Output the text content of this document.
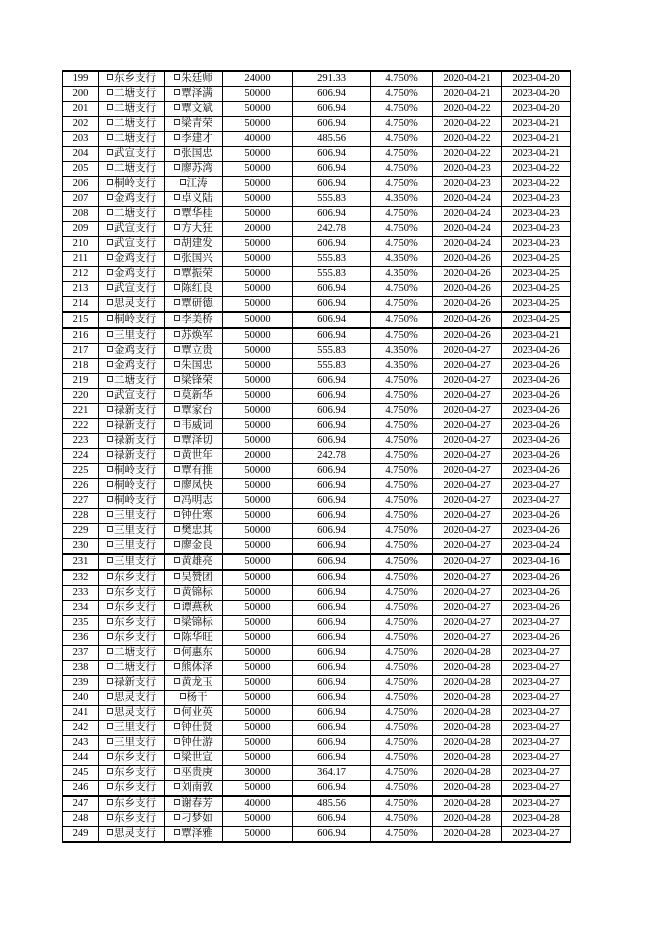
199	东乡支行	朱廷师	24000	291.33	4.750%	2020-04-21	2023-04-20
200	二塘支行	覃泽满	50000	606.94	4.750%	2020-04-21	2023-04-20
201	二塘支行	覃文斌	50000	606.94	4.750%	2020-04-22	2023-04-20
202	二塘支行	梁青荣	50000	606.94	4.750%	2020-04-22	2023-04-21
203	二塘支行	李建才	40000	485.56	4.750%	2020-04-22	2023-04-21
204	武宣支行	张国忠	50000	606.94	4.750%	2020-04-22	2023-04-21
205	二塘支行	廖苏湾	50000	606.94	4.750%	2020-04-23	2023-04-22
206	桐岭支行	江涛	50000	606.94	4.750%	2020-04-23	2023-04-22
207	金鸡支行	卓义陆	50000	555.83	4.350%	2020-04-24	2023-04-23
208	二塘支行	覃华桂	50000	606.94	4.750%	2020-04-24	2023-04-23
209	武宣支行	方大狂	20000	242.78	4.750%	2020-04-24	2023-04-23
210	武宣支行	胡建发	50000	606.94	4.750%	2020-04-24	2023-04-23
211	金鸡支行	张国兴	50000	555.83	4.350%	2020-04-26	2023-04-25
212	金鸡支行	覃振荣	50000	555.83	4.350%	2020-04-26	2023-04-25
213	武宣支行	陈红良	50000	606.94	4.750%	2020-04-26	2023-04-25
214	思灵支行	覃研德	50000	606.94	4.750%	2020-04-26	2023-04-25
215	桐岭支行	李美桥	50000	606.94	4.750%	2020-04-26	2023-04-25
216	三里支行	苏焕军	50000	606.94	4.750%	2020-04-26	2023-04-21
217	金鸡支行	覃立贵	50000	555.83	4.350%	2020-04-27	2023-04-26
218	金鸡支行	朱国忠	50000	555.83	4.350%	2020-04-27	2023-04-26
219	二塘支行	梁锋荣	50000	606.94	4.750%	2020-04-27	2023-04-26
220	武宣支行	莫新华	50000	606.94	4.750%	2020-04-27	2023-04-26
221	禄新支行	覃家台	50000	606.94	4.750%	2020-04-27	2023-04-26
222	禄新支行	韦威词	50000	606.94	4.750%	2020-04-27	2023-04-26
223	禄新支行	覃泽切	50000	606.94	4.750%	2020-04-27	2023-04-26
224	禄新支行	黄世年	20000	242.78	4.750%	2020-04-27	2023-04-26
225	桐岭支行	覃有推	50000	606.94	4.750%	2020-04-27	2023-04-26
226	桐岭支行	廖凤快	50000	606.94	4.750%	2020-04-27	2023-04-27
227	桐岭支行	冯明志	50000	606.94	4.750%	2020-04-27	2023-04-27
228	三里支行	钟仕寒	50000	606.94	4.750%	2020-04-27	2023-04-26
229	三里支行	樊忠其	50000	606.94	4.750%	2020-04-27	2023-04-26
230	三里支行	廖金良	50000	606.94	4.750%	2020-04-27	2023-04-24
231	三里支行	黄雄亮	50000	606.94	4.750%	2020-04-27	2023-04-16
232	东乡支行	吴赞团	50000	606.94	4.750%	2020-04-27	2023-04-26
233	东乡支行	黄锦标	50000	606.94	4.750%	2020-04-27	2023-04-26
234	东乡支行	谭燕秋	50000	606.94	4.750%	2020-04-27	2023-04-26
235	东乡支行	梁锦标	50000	606.94	4.750%	2020-04-27	2023-04-27
236	东乡支行	陈华旺	50000	606.94	4.750%	2020-04-27	2023-04-26
237	二塘支行	何惠东	50000	606.94	4.750%	2020-04-28	2023-04-27
238	二塘支行	熊体泽	50000	606.94	4.750%	2020-04-28	2023-04-27
239	禄新支行	黄龙玉	50000	606.94	4.750%	2020-04-28	2023-04-27
240	思灵支行	杨干	50000	606.94	4.750%	2020-04-28	2023-04-27
241	思灵支行	何业英	50000	606.94	4.750%	2020-04-28	2023-04-27
242	三里支行	钟仕贤	50000	606.94	4.750%	2020-04-28	2023-04-27
243	三里支行	钟仕游	50000	606.94	4.750%	2020-04-28	2023-04-27
244	东乡支行	梁世宣	50000	606.94	4.750%	2020-04-28	2023-04-27
245	东乡支行	巫贵庚	30000	364.17	4.750%	2020-04-28	2023-04-27
246	东乡支行	刘南敦	50000	606.94	4.750%	2020-04-28	2023-04-27
247	东乡支行	谢春芳	40000	485.56	4.750%	2020-04-28	2023-04-27
248	东乡支行	刁梦如	50000	606.94	4.750%	2020-04-28	2023-04-28
249	思灵支行	覃泽雅	50000	606.94	4.750%	2020-04-28	2023-04-27
